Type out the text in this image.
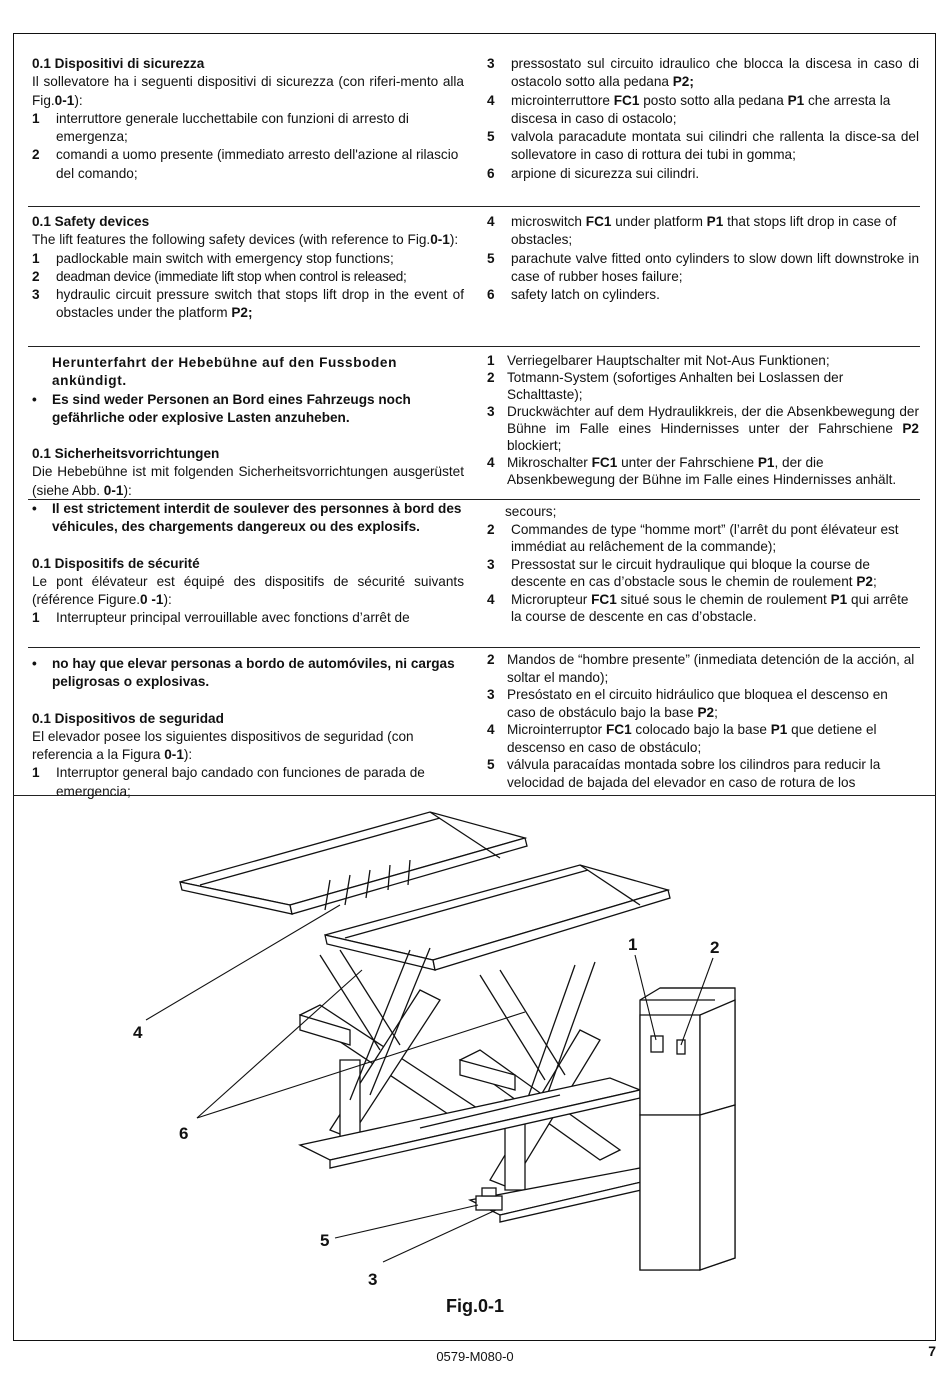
0.1 Dispositivi di sicurezza

Il sollevatore ha i seguenti dispositivi di sicurezza (con riferi-mento alla Fig.0-1):

1 interruttore generale lucchettabile con funzioni di arresto di emergenza;

2 comandi a uomo presente (immediato arresto dell'azione al rilascio del comando;

3 pressostato sul circuito idraulico che blocca la discesa in caso di ostacolo sotto alla pedana P2;

4 microinterruttore FC1 posto sotto alla pedana P1 che arresta la discesa in caso di ostacolo;

5 valvola paracadute montata sui cilindri che rallenta la disce-sa del sollevatore in caso di rottura dei tubi in gomma;

6 arpione di sicurezza sui cilindri.

0.1 Safety devices

The lift features the following safety devices (with reference to Fig.0-1):

1 padlockable main switch with emergency stop functions;

2 deadman device (immediate lift stop when control is released;

3 hydraulic circuit pressure switch that stops lift drop in the event of obstacles under the platform P2;

4 microswitch FC1 under platform P1 that stops lift drop in case of obstacles;

5 parachute valve fitted onto cylinders to slow down lift downstroke in case of rubber hoses failure;

6 safety latch on cylinders.

Herunterfahrt der Hebebühne auf den Fussboden ankündigt.

• Es sind weder Personen an Bord eines Fahrzeugs noch gefährliche oder explosive Lasten anzuheben.

0.1 Sicherheitsvorrichtungen

Die Hebebühne ist mit folgenden Sicherheitsvorrichtungen ausgerüstet (siehe Abb. 0-1):

1 Verriegelbarer Hauptschalter mit Not-Aus Funktionen;

2 Totmann-System (sofortiges Anhalten bei Loslassen der Schalttaste);

3 Druckwächter auf dem Hydraulikkreis, der die Absenkbewegung der Bühne im Falle eines Hindernisses unter der Fahrschiene P2 blockiert;

4 Mikroschalter FC1 unter der Fahrschiene P1, der die Absenkbewegung der Bühne im Falle eines Hindernisses anhält.

• Il est strictement interdit de soulever des personnes à bord des véhicules, des chargements dangereux ou des explosifs.

0.1 Dispositifs de sécurité

Le pont élévateur est équipé des dispositifs de sécurité suivants (référence Figure.0 -1):

1 Interrupteur principal verrouillable avec fonctions d’arrêt de

secours;

2 Commandes de type “homme mort” (l’arrêt du pont élévateur est immédiat au relâchement de la commande);

3 Pressostat sur le circuit hydraulique qui bloque la course de descente en cas d’obstacle sous le chemin de roulement P2;

4 Microrupteur FC1 situé sous le chemin de roulement P1 qui arrête la course de descente en cas d’obstacle.

• no hay que elevar personas a bordo de automóviles, ni cargas peligrosas o explosivas.

0.1 Dispositivos de seguridad

El elevador posee los siguientes dispositivos de seguridad (con referencia a la Figura 0-1):

1 Interruptor general bajo candado con funciones de parada de emergencia;

2 Mandos de “hombre presente” (inmediata detención de la acción, al soltar el mando);

3 Presóstato en el circuito hidráulico que bloquea el descenso en caso de obstáculo bajo la base P2;

4 Microinterruptor FC1 colocado bajo la base P1 que detiene el descenso en caso de obstáculo;

5 válvula paracaídas montada sobre los cilindros para reducir la velocidad de bajada del elevador en caso de rotura de los

1	2
4
6
5
3
Fig.0-1
0579-M080-0	7
